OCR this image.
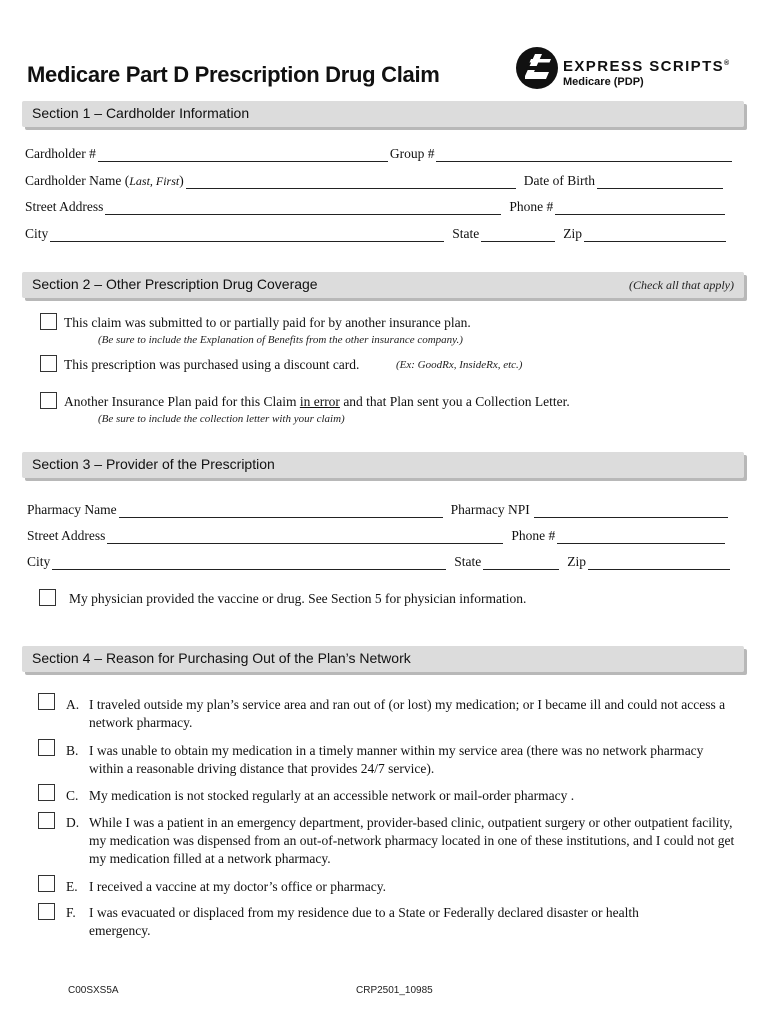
Medicare Part D Prescription Drug Claim	EXPRESS SCRIPTS®
Medicare (PDP)
Section 1 – Cardholder Information
Cardholder #	Group #
Cardholder Name (Last, First)	Date of Birth
Street Address	Phone #
City	State	Zip
Section 2 – Other Prescription Drug Coverage	(Check all that apply)
This claim was submitted to or partially paid for by another insurance plan.
(Be sure to include the Explanation of Benefits from the other insurance company.)
This prescription was purchased using a discount card.	(Ex: GoodRx, InsideRx, etc.)
Another Insurance Plan paid for this Claim in error and that Plan sent you a Collection Letter.
(Be sure to include the collection letter with your claim)
Section 3 – Provider of the Prescription
Pharmacy Name	Pharmacy NPI
Street Address	Phone #
City	State	Zip
My physician provided the vaccine or drug. See Section 5 for physician information.
Section 4 – Reason for Purchasing Out of the Plan’s Network
A. I traveled outside my plan’s service area and ran out of (or lost) my medication; or I became ill and could not access a network pharmacy.
B. I was unable to obtain my medication in a timely manner within my service area (there was no network pharmacy within a reasonable driving distance that provides 24/7 service).
C. My medication is not stocked regularly at an accessible network or mail-order pharmacy .
D. While I was a patient in an emergency department, provider-based clinic, outpatient surgery or other outpatient facility, my medication was dispensed from an out-of-network pharmacy located in one of these institutions, and I could not get my medication filled at a network pharmacy.
E. I received a vaccine at my doctor’s office or pharmacy.
F. I was evacuated or displaced from my residence due to a State or Federally declared disaster or health emergency.
C00SXS5A	CRP2501_10985
